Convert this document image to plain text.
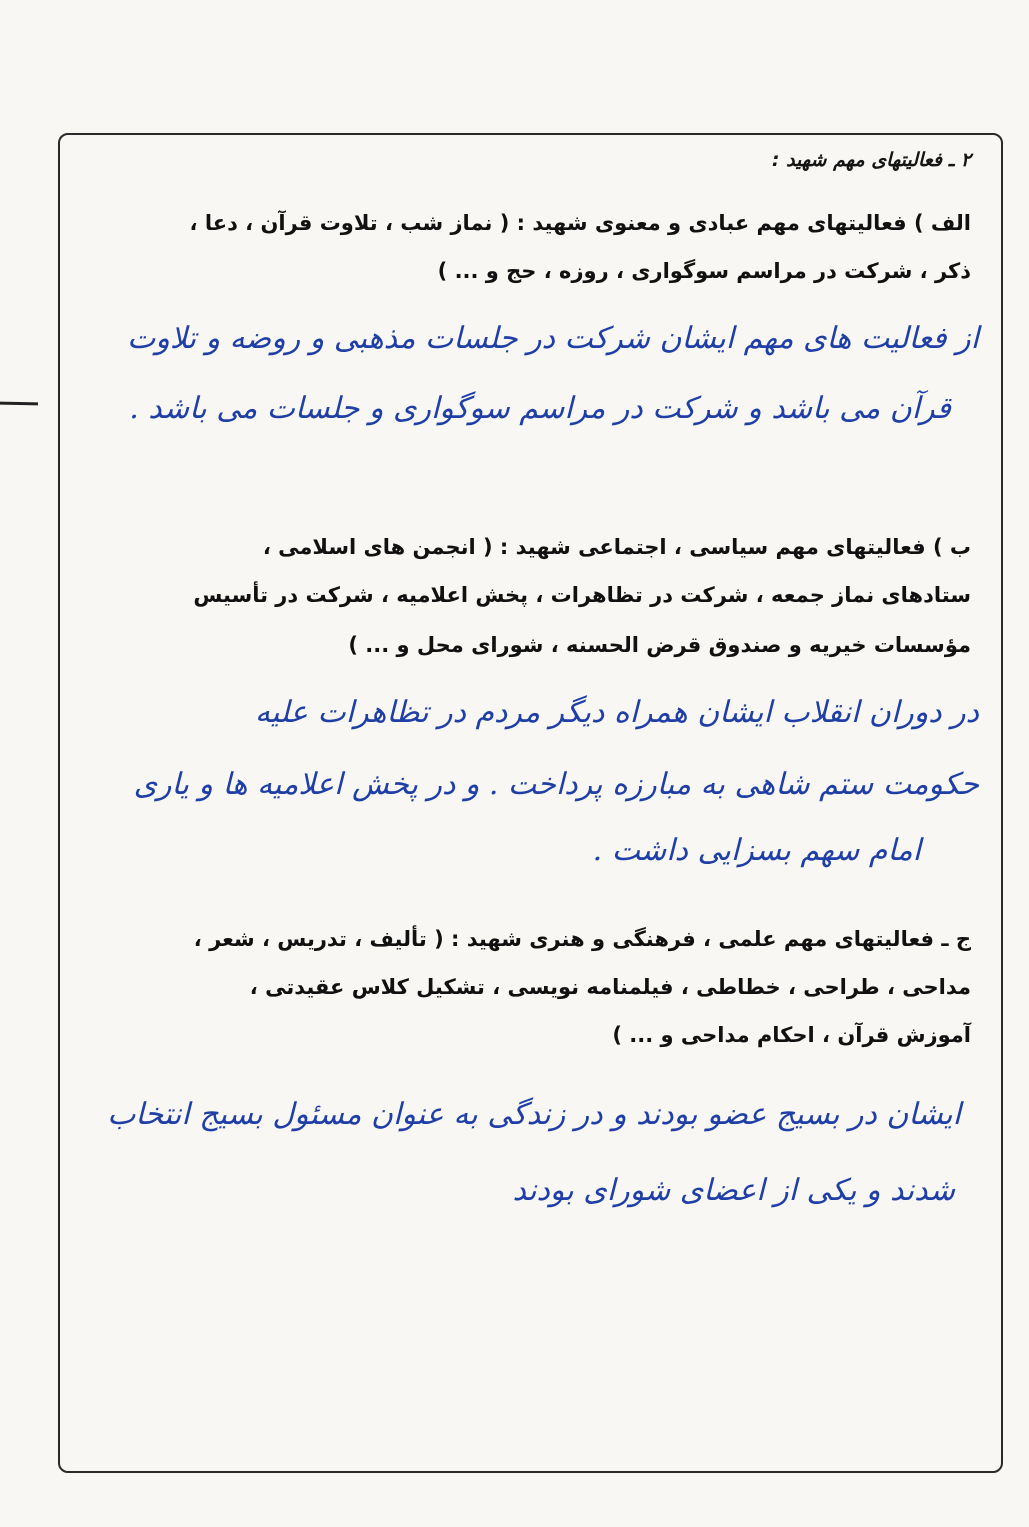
۲ ـ فعالیتهای مهم شهید :
الف ) فعالیتهای مهم عبادی و معنوی شهید : ( نماز شب ، تلاوت قرآن ، دعا ،
ذکر ، شرکت در مراسم سوگواری ، روزه ، حج و ... )
از فعالیت های مهم ایشان شرکت در جلسات مذهبی و روضه و تلاوت
قرآن می باشد و شرکت در مراسم سوگواری و جلسات می باشد .
ب ) فعالیتهای مهم سیاسی ، اجتماعی شهید : ( انجمن های اسلامی ،
ستادهای نماز جمعه ، شرکت در تظاهرات ، پخش اعلامیه ، شرکت در تأسیس
مؤسسات خیریه و صندوق قرض الحسنه ، شورای محل و ... )
در دوران انقلاب ایشان همراه دیگر مردم در تظاهرات علیه
حکومت ستم شاهی به مبارزه پرداخت . و در پخش اعلامیه ها و یاری
امام سهم بسزایی داشت .
ج ـ فعالیتهای مهم علمی ، فرهنگی و هنری شهید : ( تألیف ، تدریس ، شعر ،
مداحی ، طراحی ، خطاطی ، فیلمنامه نویسی ، تشکیل کلاس عقیدتی ،
آموزش قرآن ، احکام مداحی و ... )
ایشان در بسیج عضو بودند و در زندگی به عنوان مسئول بسیج انتخاب
شدند و یکی از اعضای شورای بودند
